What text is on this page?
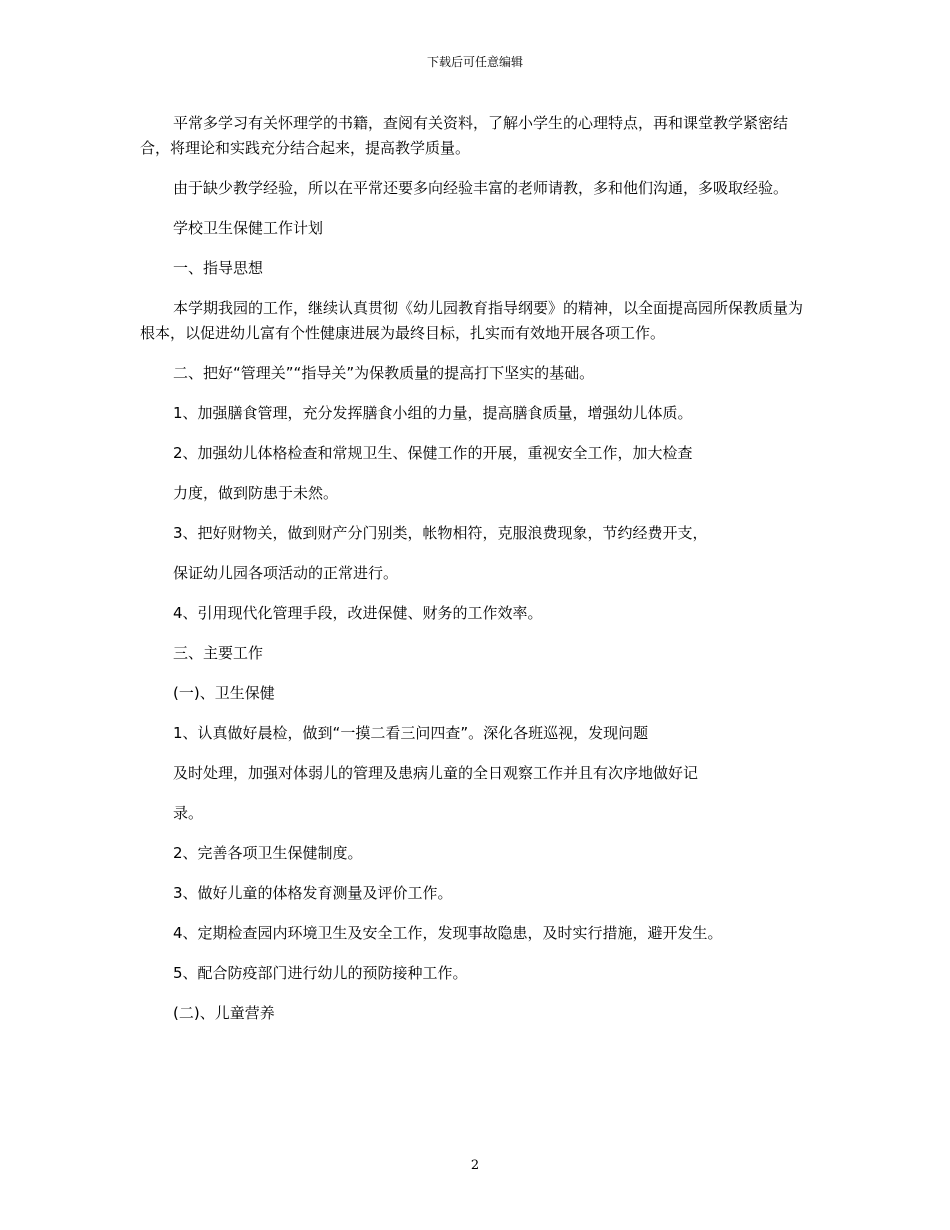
下载后可任意编辑

平常多学习有关怀理学的书籍，查阅有关资料，了解小学生的心理特点，再和课堂教学紧密结合，将理论和实践充分结合起来，提高教学质量。

由于缺少教学经验，所以在平常还要多向经验丰富的老师请教，多和他们沟通，多吸取经验。

学校卫生保健工作计划

一、指导思想

本学期我园的工作，继续认真贯彻《幼儿园教育指导纲要》的精神，以全面提高园所保教质量为根本，以促进幼儿富有个性健康进展为最终目标，扎实而有效地开展各项工作。

二、把好“管理关”“指导关”为保教质量的提高打下坚实的基础。

1、加强膳食管理，充分发挥膳食小组的力量，提高膳食质量，增强幼儿体质。

2、加强幼儿体格检查和常规卫生、保健工作的开展，重视安全工作，加大检查

力度，做到防患于未然。

3、把好财物关，做到财产分门别类，帐物相符，克服浪费现象，节约经费开支，

保证幼儿园各项活动的正常进行。

4、引用现代化管理手段，改进保健、财务的工作效率。

三、主要工作

(一)、卫生保健

1、认真做好晨检，做到“一摸二看三问四查”。深化各班巡视，发现问题

及时处理，加强对体弱儿的管理及患病儿童的全日观察工作并且有次序地做好记

录。

2、完善各项卫生保健制度。

3、做好儿童的体格发育测量及评价工作。

4、定期检查园内环境卫生及安全工作，发现事故隐患，及时实行措施，避开发生。

5、配合防疫部门进行幼儿的预防接种工作。

(二)、儿童营养

2
